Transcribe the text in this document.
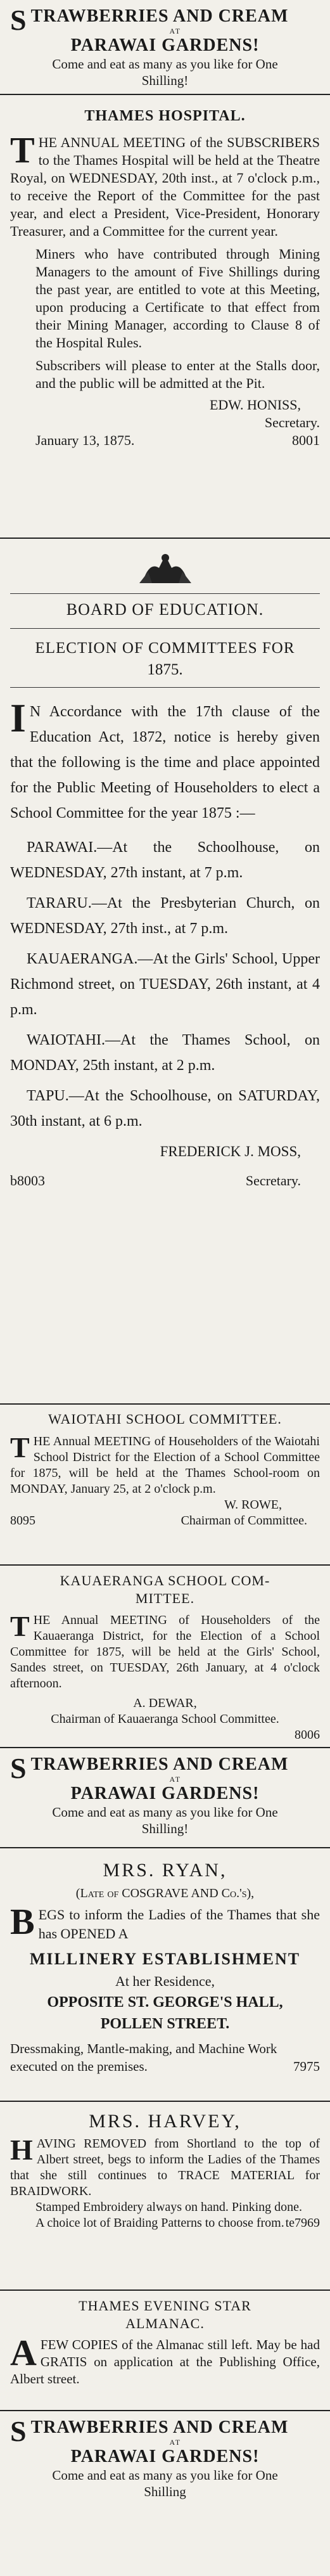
S TRAWBERRIES AND CREAM
AT
PARAWAI GARDENS!
Come and eat as many as you like for One
Shilling!
THAMES HOSPITAL.

THE ANNUAL MEETING of the SUBSCRIBERS to the Thames Hospital will be held at the Theatre Royal, on WEDNESDAY, 20th inst., at 7 o'clock p.m., to receive the Report of the Committee for the past year, and elect a President, Vice-President, Honorary Treasurer, and a Committee for the current year.

Miners who have contributed through Mining Managers to the amount of Five Shillings during the past year, are entitled to vote at this Meeting, upon producing a Certificate to that effect from their Mining Manager, according to Clause 8 of the Hospital Rules.

Subscribers will please to enter at the Stalls door, and the public will be admitted at the Pit.

EDW. HONISS,
Secretary.
January 13, 1875.	8001
BOARD OF EDUCATION.
ELECTION OF COMMITTEES FOR
1875.

I N Accordance with the 17th clause of the Education Act, 1872, notice is hereby given that the following is the time and place appointed for the Public Meeting of Householders to elect a School Committee for the year 1875 :—

PARAWAI.—At the Schoolhouse, on WEDNESDAY, 27th instant, at 7 p.m.

TARARU.—At the Presbyterian Church, on WEDNESDAY, 27th inst., at 7 p.m.

KAUAERANGA.—At the Girls' School, Upper Richmond street, on TUESDAY, 26th instant, at 4 p.m.

WAIOTAHI.—At the Thames School, on MONDAY, 25th instant, at 2 p.m.

TAPU.—At the Schoolhouse, on SATURDAY, 30th instant, at 6 p.m.

FREDERICK J. MOSS,
b8003	Secretary.
WAIOTAHI SCHOOL COMMITTEE.

THE Annual MEETING of Householders of the Waiotahi School District for the Election of a School Committee for 1875, will be held at the Thames School-room on MONDAY, January 25, at 2 o'clock p.m.

W. ROWE,
8095	Chairman of Committee.
KAUAERANGA SCHOOL COM-
MITTEE.

THE Annual MEETING of Householders of the Kauaeranga District, for the Election of a School Committee for 1875, will be held at the Girls' School, Sandes street, on TUESDAY, 26th January, at 4 o'clock afternoon.

A. DEWAR,
Chairman of Kauaeranga School Committee.
8006
S TRAWBERRIES AND CREAM
AT
PARAWAI GARDENS!
Come and eat as many as you like for One
Shilling!
MRS. RYAN,
(Late of COSGRAVE AND Co.'s),

BEGS to inform the Ladies of the Thames that she has OPENED A

MILLINERY ESTABLISHMENT
At her Residence,
OPPOSITE ST. GEORGE'S HALL,
POLLEN STREET.
Dressmaking, Mantle-making, and Machine Work executed on the premises.	7975
MRS. HARVEY,

HAVING REMOVED from Shortland to the top of Albert street, begs to inform the Ladies of the Thames that she still continues to TRACE MATERIAL for BRAIDWORK.

Stamped Embroidery always on hand. Pinking done.

A choice lot of Braiding Patterns to choose from. te7969
THAMES EVENING STAR
ALMANAC.

AFEW COPIES of the Almanac still left. May be had GRATIS on application at the Publishing Office, Albert street.

S TRAWBERRIES AND CREAM
AT
PARAWAI GARDENS!
Come and eat as many as you like for One
Shilling
